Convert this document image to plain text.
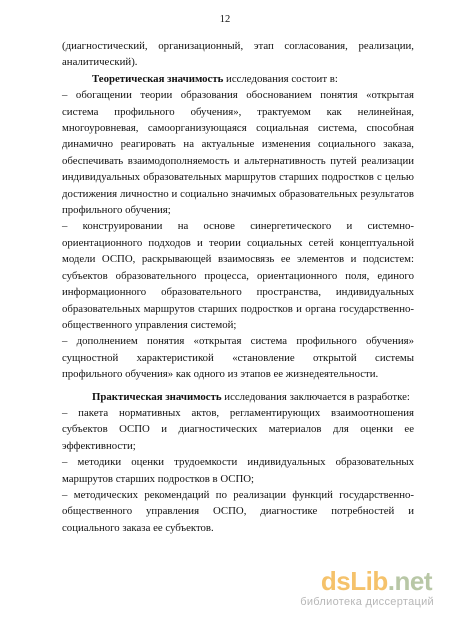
12

(диагностический, организационный, этап согласования, реализации, аналитический).

Теоретическая значимость исследования состоит в:

– обогащении теории образования обоснованием понятия «открытая система профильного обучения», трактуемом как нелинейная, многоуровневая, самоорганизующаяся социальная система, способная динамично реагировать на актуальные изменения социального заказа, обеспечивать взаимодополняемость и альтернативность путей реализации индивидуальных образовательных маршрутов старших подростков с целью достижения личностно и социально значимых образовательных результатов профильного обучения;

– конструировании на основе синергетического и системно-ориентационного подходов и теории социальных сетей концептуальной модели ОСПО, раскрывающей взаимосвязь ее элементов и подсистем: субъектов образовательного процесса, ориентационного поля, единого информационного образовательного пространства, индивидуальных образовательных маршрутов старших подростков и органа государственно-общественного управления системой;

– дополнением понятия «открытая система профильного обучения» сущностной характеристикой «становление открытой системы профильного обучения» как одного из этапов ее жизнедеятельности.

Практическая значимость исследования заключается в разработке:

– пакета нормативных актов, регламентирующих взаимоотношения субъектов ОСПО и диагностических материалов для оценки ее эффективности;

– методики оценки трудоемкости индивидуальных образовательных маршрутов старших подростков в ОСПО;

– методических рекомендаций по реализации функций государственно-общественного управления ОСПО, диагностике потребностей и социального заказа ее субъектов.

dsLib.net
библиотека диссертаций
